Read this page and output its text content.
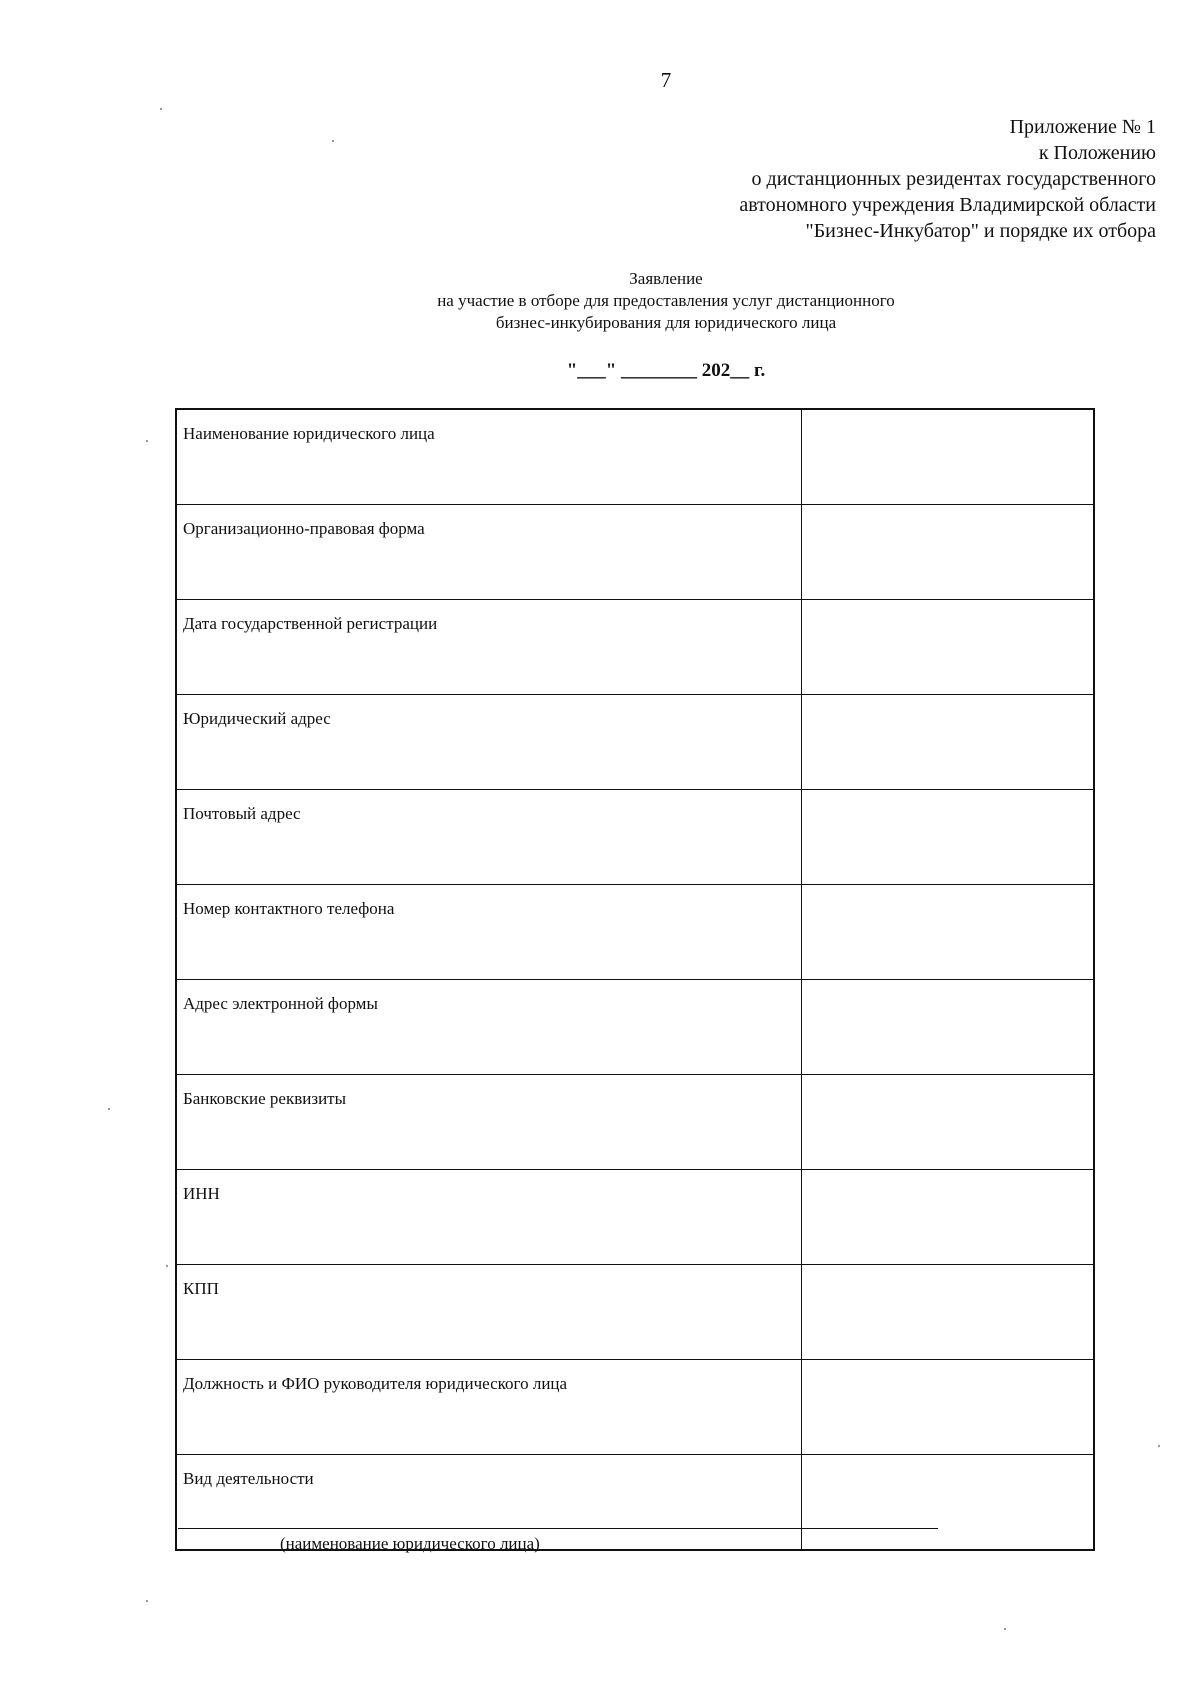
7
Приложение № 1
к Положению
о дистанционных резидентах государственного
автономного учреждения Владимирской области
"Бизнес-Инкубатор" и порядке их отбора
Заявление
на участие в отборе для предоставления услуг дистанционного
бизнес-инкубирования для юридического лица
"___" ________ 202__ г.
Наименование юридического лица	
Организационно-правовая форма	
Дата государственной регистрации	
Юридический адрес	
Почтовый адрес	
Номер контактного телефона	
Адрес электронной формы	
Банковские реквизиты	
ИНН	
КПП	
Должность и ФИО руководителя юридического лица	
Вид деятельности	
(наименование юридического лица)
